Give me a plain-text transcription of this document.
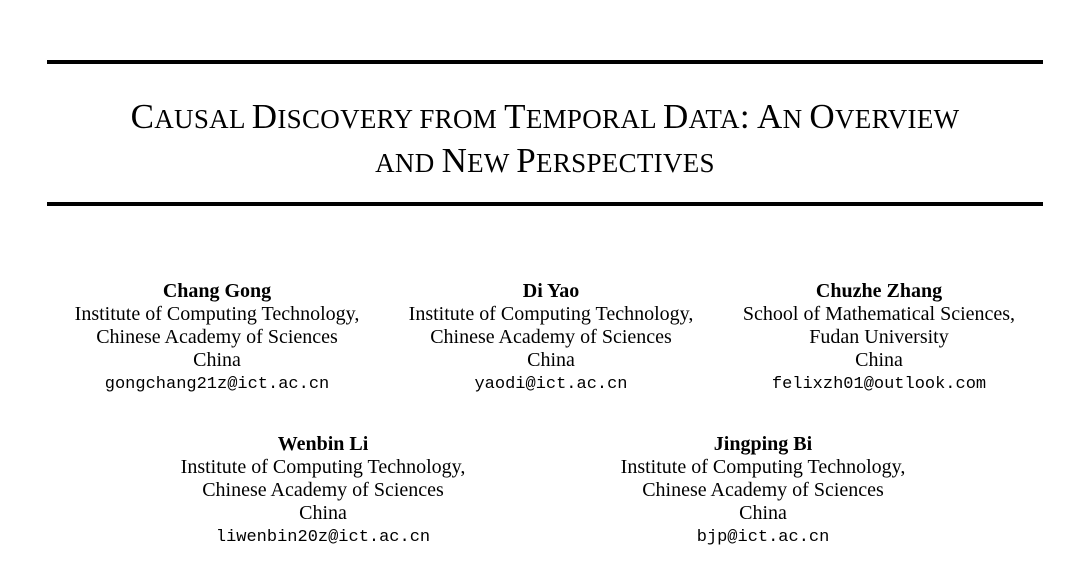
CAUSAL DISCOVERY FROM TEMPORAL DATA: AN OVERVIEW
AND NEW PERSPECTIVES
Chang Gong
Institute of Computing Technology,
Chinese Academy of Sciences
China
gongchang21z@ict.ac.cn
Di Yao
Institute of Computing Technology,
Chinese Academy of Sciences
China
yaodi@ict.ac.cn
Chuzhe Zhang
School of Mathematical Sciences,
Fudan University
China
felixzh01@outlook.com
Wenbin Li
Institute of Computing Technology,
Chinese Academy of Sciences
China
liwenbin20z@ict.ac.cn
Jingping Bi
Institute of Computing Technology,
Chinese Academy of Sciences
China
bjp@ict.ac.cn
